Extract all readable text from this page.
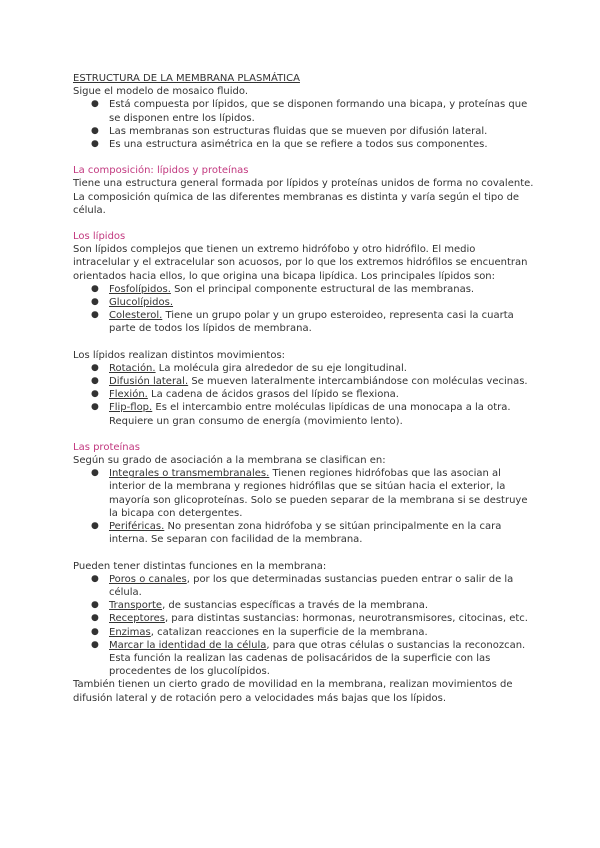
ESTRUCTURA DE LA MEMBRANA PLASMÁTICA

Sigue el modelo de mosaico fluido.

● Está compuesta por lípidos, que se disponen formando una bicapa, y proteínas que se disponen entre los lípidos.
● Las membranas son estructuras fluidas que se mueven por difusión lateral.
● Es una estructura asimétrica en la que se refiere a todos sus componentes.

La composición: lípidos y proteínas

Tiene una estructura general formada por lípidos y proteínas unidos de forma no covalente.

La composición química de las diferentes membranas es distinta y varía según el tipo de célula.

Los lípidos

Son lípidos complejos que tienen un extremo hidrófobo y otro hidrófilo. El medio intracelular y el extracelular son acuosos, por lo que los extremos hidrófilos se encuentran orientados hacia ellos, lo que origina una bicapa lipídica. Los principales lípidos son:

● Fosfolípidos. Son el principal componente estructural de las membranas.
● Glucolípidos.
● Colesterol. Tiene un grupo polar y un grupo esteroideo, representa casi la cuarta parte de todos los lípidos de membrana.

Los lípidos realizan distintos movimientos:

● Rotación. La molécula gira alrededor de su eje longitudinal.
● Difusión lateral. Se mueven lateralmente intercambiándose con moléculas vecinas.
● Flexión. La cadena de ácidos grasos del lípido se flexiona.
● Flip-flop. Es el intercambio entre moléculas lipídicas de una monocapa a la otra. Requiere un gran consumo de energía (movimiento lento).

Las proteínas

Según su grado de asociación a la membrana se clasifican en:

● Integrales o transmembranales. Tienen regiones hidrófobas que las asocian al interior de la membrana y regiones hidrófilas que se sitúan hacia el exterior, la mayoría son glicoproteínas. Solo se pueden separar de la membrana si se destruye la bicapa con detergentes.
● Periféricas. No presentan zona hidrófoba y se sitúan principalmente en la cara interna. Se separan con facilidad de la membrana.

Pueden tener distintas funciones en la membrana:

● Poros o canales, por los que determinadas sustancias pueden entrar o salir de la célula.
● Transporte, de sustancias específicas a través de la membrana.
● Receptores, para distintas sustancias: hormonas, neurotransmisores, citocinas, etc.
● Enzimas, catalizan reacciones en la superficie de la membrana.
● Marcar la identidad de la célula, para que otras células o sustancias la reconozcan. Esta función la realizan las cadenas de polisacáridos de la superficie con las procedentes de los glucolípidos.

También tienen un cierto grado de movilidad en la membrana, realizan movimientos de difusión lateral y de rotación pero a velocidades más bajas que los lípidos.
